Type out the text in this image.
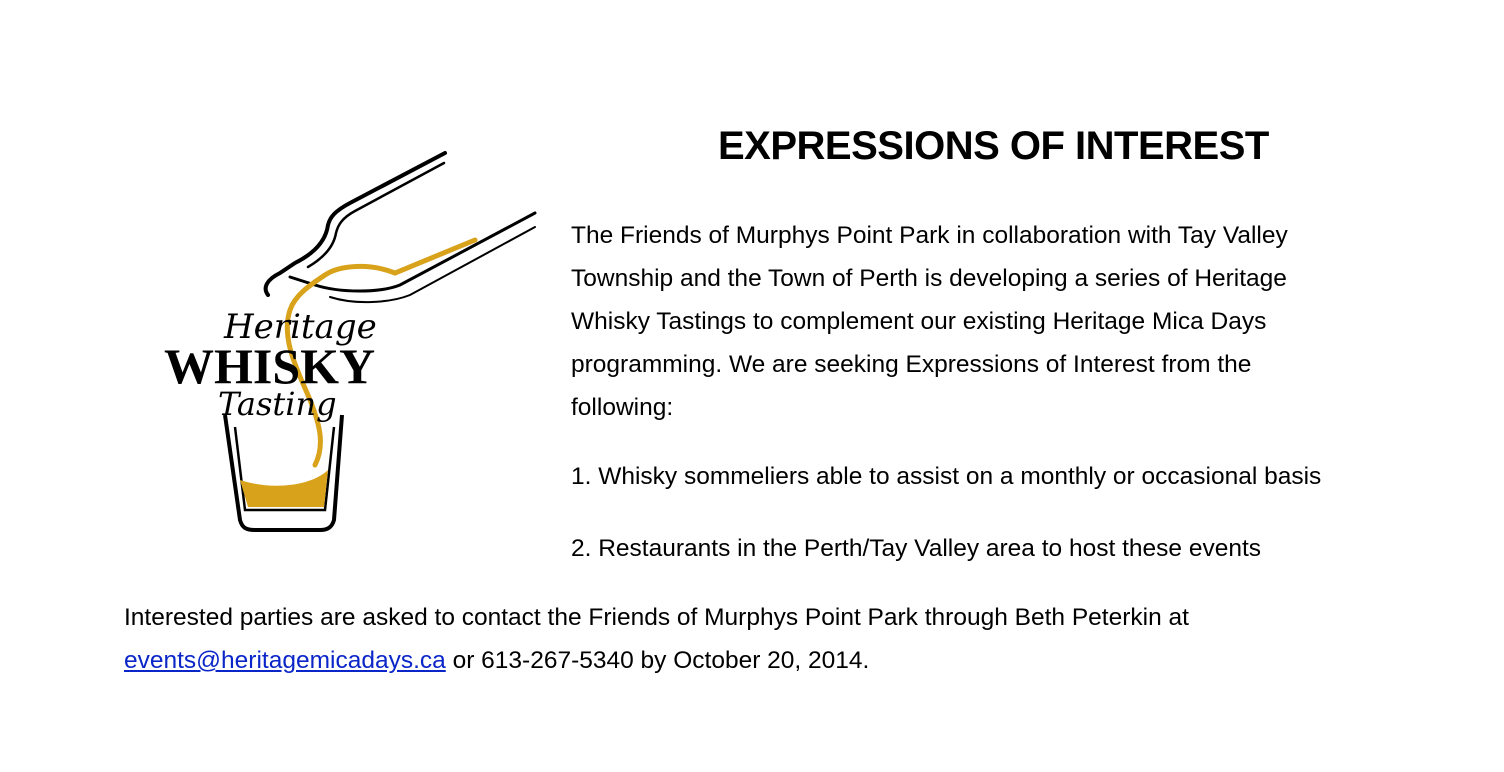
Heritage
WHISKY
Tasting
EXPRESSIONS OF INTEREST

The Friends of Murphys Point Park in collaboration with Tay Valley
Township and the Town of Perth is developing a series of Heritage
Whisky Tastings to complement our existing Heritage Mica Days
programming. We are seeking Expressions of Interest from the
following:

1. Whisky sommeliers able to assist on a monthly or occasional basis
2. Restaurants in the Perth/Tay Valley area to host these events
Interested parties are asked to contact the Friends of Murphys Point Park through Beth Peterkin at
events@heritagemicadays.ca or 613-267-5340 by October 20, 2014.
